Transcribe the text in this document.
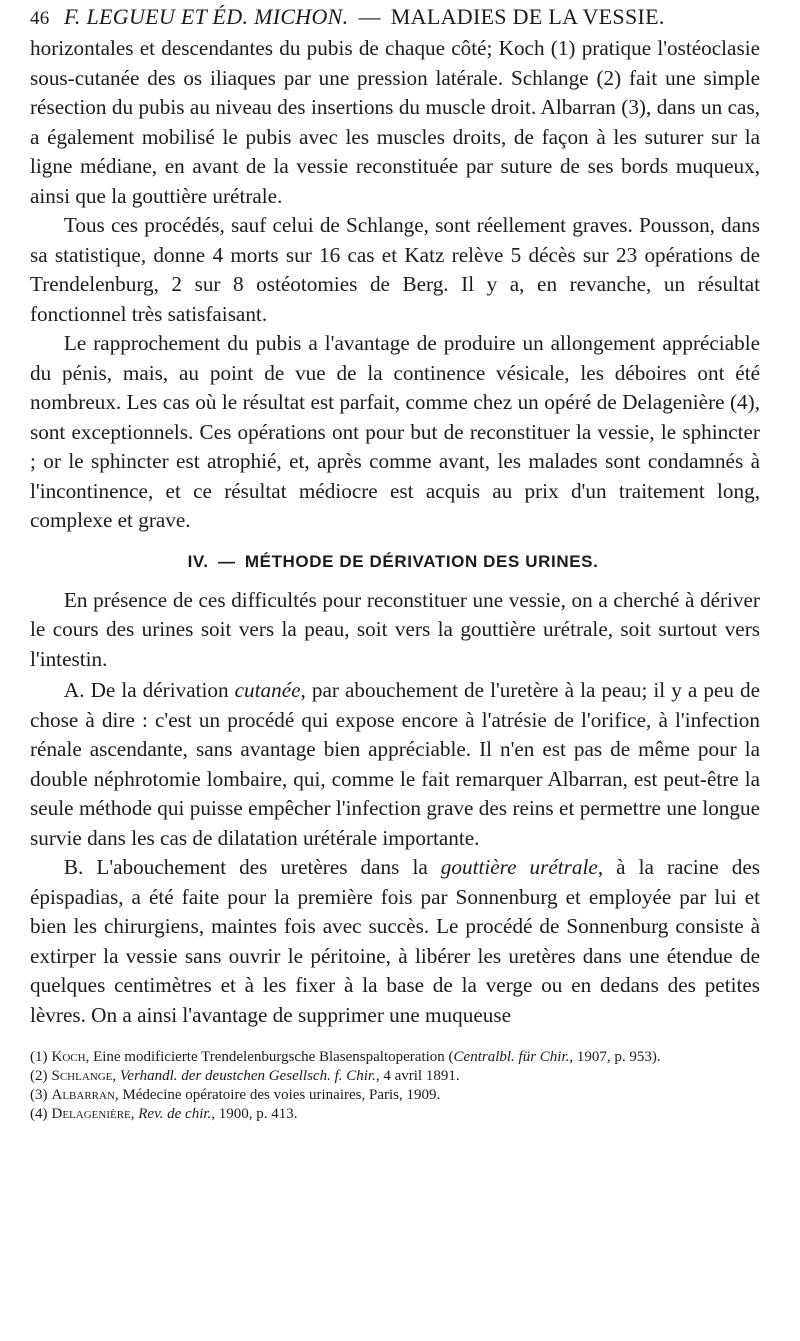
46 F. LEGUEU ET ÉD. MICHON. — MALADIES DE LA VESSIE.

horizontales et descendantes du pubis de chaque côté; Koch (1) pratique l'ostéoclasie sous-cutanée des os iliaques par une pression latérale. Schlange (2) fait une simple résection du pubis au niveau des insertions du muscle droit. Albarran (3), dans un cas, a également mobilisé le pubis avec les muscles droits, de façon à les suturer sur la ligne médiane, en avant de la vessie reconstituée par suture de ses bords muqueux, ainsi que la gouttière urétrale.

Tous ces procédés, sauf celui de Schlange, sont réellement graves. Pousson, dans sa statistique, donne 4 morts sur 16 cas et Katz relève 5 décès sur 23 opérations de Trendelenburg, 2 sur 8 ostéotomies de Berg. Il y a, en revanche, un résultat fonctionnel très satisfaisant.

Le rapprochement du pubis a l'avantage de produire un allongement appréciable du pénis, mais, au point de vue de la continence vésicale, les déboires ont été nombreux. Les cas où le résultat est parfait, comme chez un opéré de Delagenière (4), sont exceptionnels. Ces opérations ont pour but de reconstituer la vessie, le sphincter ; or le sphincter est atrophié, et, après comme avant, les malades sont condamnés à l'incontinence, et ce résultat médiocre est acquis au prix d'un traitement long, complexe et grave.

IV. — MÉTHODE DE DÉRIVATION DES URINES.

En présence de ces difficultés pour reconstituer une vessie, on a cherché à dériver le cours des urines soit vers la peau, soit vers la gouttière urétrale, soit surtout vers l'intestin.

A. De la dérivation cutanée, par abouchement de l'uretère à la peau; il y a peu de chose à dire : c'est un procédé qui expose encore à l'atrésie de l'orifice, à l'infection rénale ascendante, sans avantage bien appréciable. Il n'en est pas de même pour la double néphrotomie lombaire, qui, comme le fait remarquer Albarran, est peut-être la seule méthode qui puisse empêcher l'infection grave des reins et permettre une longue survie dans les cas de dilatation urétérale importante.

B. L'abouchement des uretères dans la gouttière urétrale, à la racine des épispadias, a été faite pour la première fois par Sonnenburg et employée par lui et bien les chirurgiens, maintes fois avec succès. Le procédé de Sonnenburg consiste à extirper la vessie sans ouvrir le péritoine, à libérer les uretères dans une étendue de quelques centimètres et à les fixer à la base de la verge ou en dedans des petites lèvres. On a ainsi l'avantage de supprimer une muqueuse

(1) Koch, Eine modificierte Trendelenburgsche Blasenspaltoperation (Centralbl. für Chir., 1907, p. 953).

(2) Schlange, Verhandl. der deustchen Gesellsch. f. Chir., 4 avril 1891.

(3) Albarran, Médecine opératoire des voies urinaires, Paris, 1909.

(4) Delagenière, Rev. de chir., 1900, p. 413.
